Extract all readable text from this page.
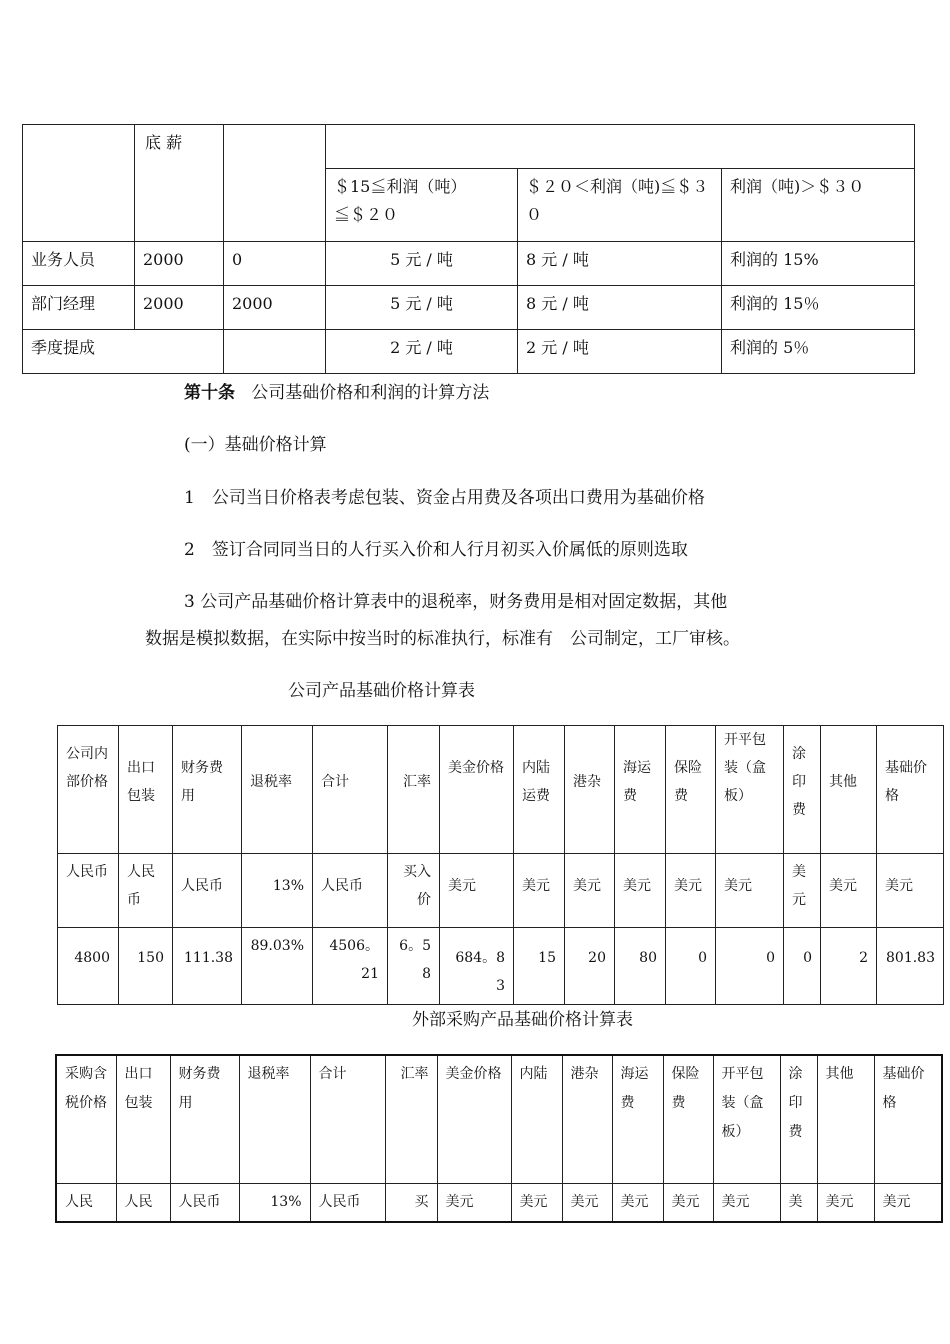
	底 薪				

			＄15≦利润（吨）≦＄２０	＄２０＜利润（吨)≦＄３０	利润（吨)＞＄３０

业务人员	2000	0	5 元 / 吨	8 元 / 吨	利润的 15%

部门经理	2000	2000	5 元 / 吨	8 元 / 吨	利润的 15％

季度提成			2 元 / 吨	2 元 / 吨	利润的 5％
第十条 公司基础价格和利润的计算方法
(一）基础价格计算
1　公司当日价格表考虑包装、资金占用费及各项出口费用为基础价格
2　签订合同同当日的人行买入价和人行月初买入价属低的原则选取
3 公司产品基础价格计算表中的退税率，财务费用是相对固定数据，其他
数据是模拟数据，在实际中按当时的标准执行，标准有　公司制定，工厂审核。
公司产品基础价格计算表
公司内部价格	出口包装	财务费用	退税率	合计	汇率	美金价格	内陆运费	港杂	海运费	保险费	开平包装（盒板）	涂印费	其他	基础价格

人民币	人民币	人民币	13%	人民币	买入价	美元	美元	美元	美元	美元	美元	美元	美元	美元

4800	150	111.38	89.03%	4506。21	6。58	684。83	15	20	80	0	0	0	2	801.83
外部采购产品基础价格计算表
采购含税价格	出口包装	财务费用	退税率	合计	汇率	美金价格	内陆	港杂	海运费	保险费	开平包装（盒板）	涂印费	其他	基础价格

人民	人民	人民币	13%	人民币	买	美元	美元	美元	美元	美元	美元	美	美元	美元
